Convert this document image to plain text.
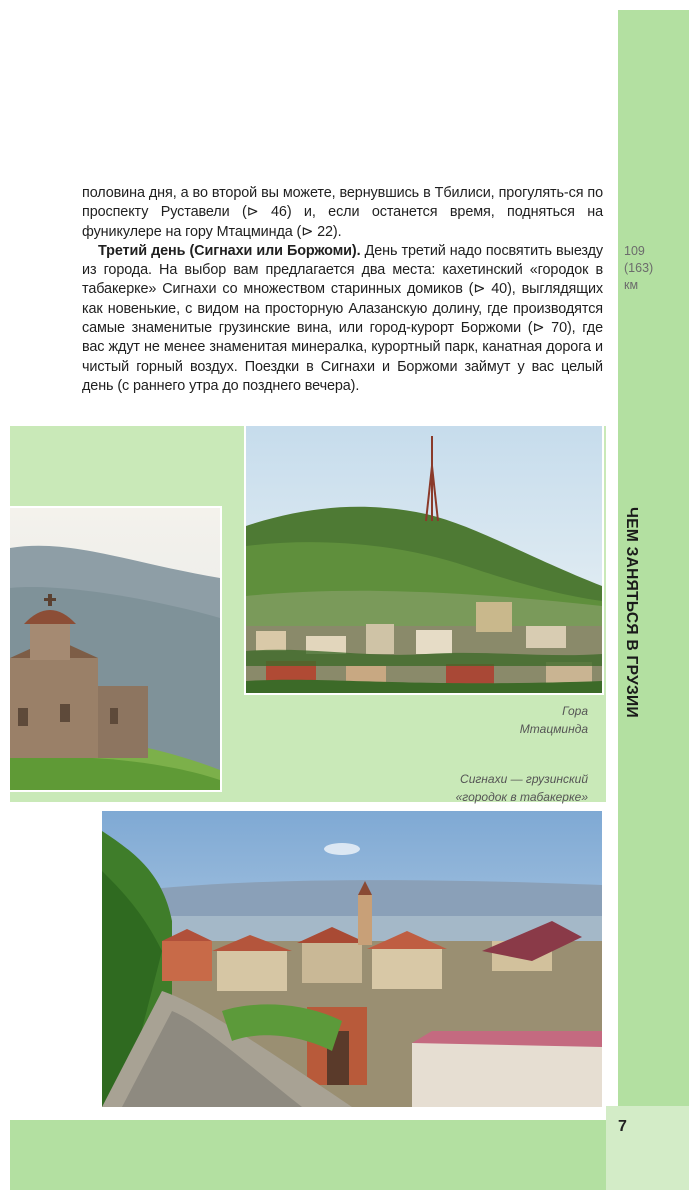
7
109
(163)
км
ЧЕМ ЗАНЯТЬСЯ В ГРУЗИИ

половина дня, а во второй вы можете, вернувшись в Тбилиси, прогулять-ся по проспекту Руставели (⊳ 46) и, если останется время, подняться на фуникулере на гору Мтацминда (⊳ 22).

Третий день (Сигнахи или Боржоми). День третий надо посвятить выезду из города. На выбор вам предлагается два места: кахетинский «городок в табакерке» Сигнахи со множеством старинных домиков (⊳ 40), выглядящих как новенькие, с видом на просторную Алазанскую долину, где производятся самые знаменитые грузинские вина, или город-курорт Боржоми (⊳ 70), где вас ждут не менее знаменитая минералка, курортный парк, канатная дорога и чистый горный воздух. Поездки в Сигнахи и Боржоми займут у вас целый день (с раннего утра до позднего вечера).

Гора
Мтацминда
Сигнахи — грузинский
«городок в табакерке»
